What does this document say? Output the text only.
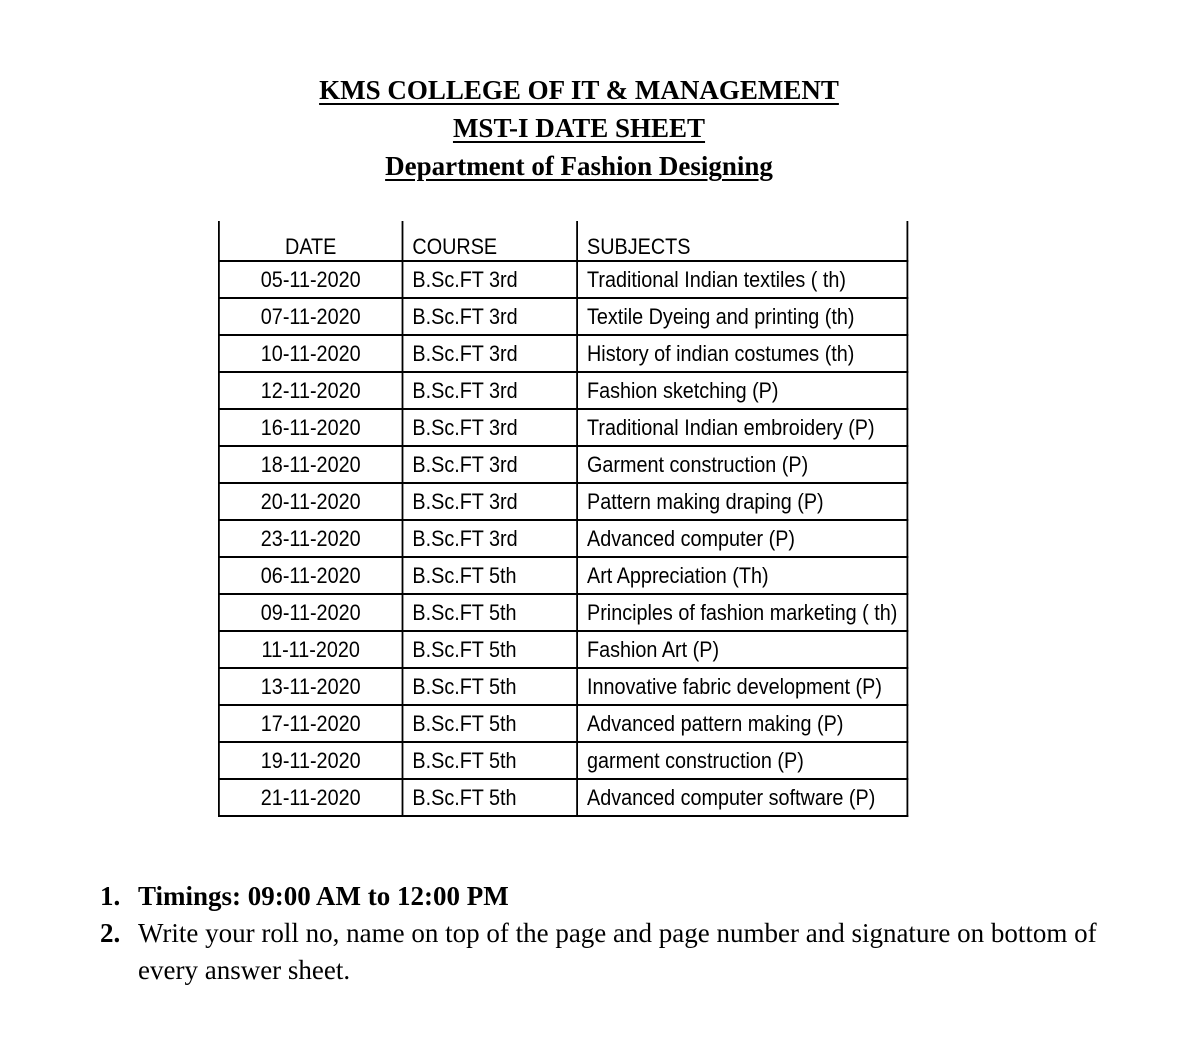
KMS COLLEGE OF IT & MANAGEMENT
MST-I DATE SHEET
Department of Fashion Designing
DATE	COURSE	SUBJECTS
05-11-2020	B.Sc.FT 3rd	Traditional Indian textiles ( th)
07-11-2020	B.Sc.FT 3rd	Textile Dyeing and printing (th)
10-11-2020	B.Sc.FT 3rd	History of indian costumes (th)
12-11-2020	B.Sc.FT 3rd	Fashion sketching (P)
16-11-2020	B.Sc.FT 3rd	Traditional Indian embroidery (P)
18-11-2020	B.Sc.FT 3rd	Garment construction (P)
20-11-2020	B.Sc.FT 3rd	Pattern making draping (P)
23-11-2020	B.Sc.FT 3rd	Advanced computer (P)
06-11-2020	B.Sc.FT 5th	Art Appreciation (Th)
09-11-2020	B.Sc.FT 5th	Principles of fashion marketing ( th)
11-11-2020	B.Sc.FT 5th	Fashion Art (P)
13-11-2020	B.Sc.FT 5th	Innovative fabric development (P)
17-11-2020	B.Sc.FT 5th	Advanced pattern making (P)
19-11-2020	B.Sc.FT 5th	garment construction (P)
21-11-2020	B.Sc.FT 5th	Advanced computer software (P)
1. Timings: 09:00 AM to 12:00 PM
2. Write your roll no, name on top of the page and page number and signature on bottom of every answer sheet.
